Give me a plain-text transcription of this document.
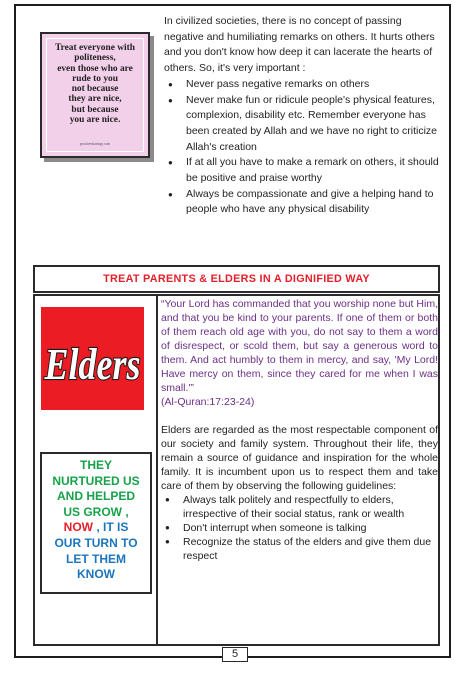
Treat everyone with
politeness,
even those who are
rude to you
not because
they are nice,
but because
you are nice.

positivesharings.com

In civilized societies, there is no concept of passing negative and humiliating remarks on others. It hurts others and you don't know how deep it can lacerate the hearts of others. So, it's very important :

● Never pass negative remarks on others
● Never make fun or ridicule people's physical features, complexion, disability etc. Remember everyone has been created by Allah and we have no right to criticize Allah's creation
● If at all you have to make a remark on others, it should be positive and praise worthy
● Always be compassionate and give a helping hand to people who have any physical disability
TREAT PARENTS & ELDERS IN A DIGNIFIED WAY
Elders
THEY
NURTURED US
AND HELPED
US GROW ,
NOW , IT IS
OUR TURN TO
LET THEM
KNOW

“Your Lord has commanded that you worship none but Him, and that you be kind to your parents. If one of them or both of them reach old age with you, do not say to them a word of disrespect, or scold them, but say a generous word to them. And act humbly to them in mercy, and say, 'My Lord! Have mercy on them, since they cared for me when I was small.'”

(Al-Quran:17:23-24)

Elders are regarded as the most respectable component of our society and family system. Throughout their life, they remain a source of guidance and inspiration for the whole family. It is incumbent upon us to respect them and take care of them by observing the following guidelines:

● Always talk politely and respectfully to elders, irrespective of their social status, rank or wealth
● Don't interrupt when someone is talking
● Recognize the status of the elders and give them due respect
5
